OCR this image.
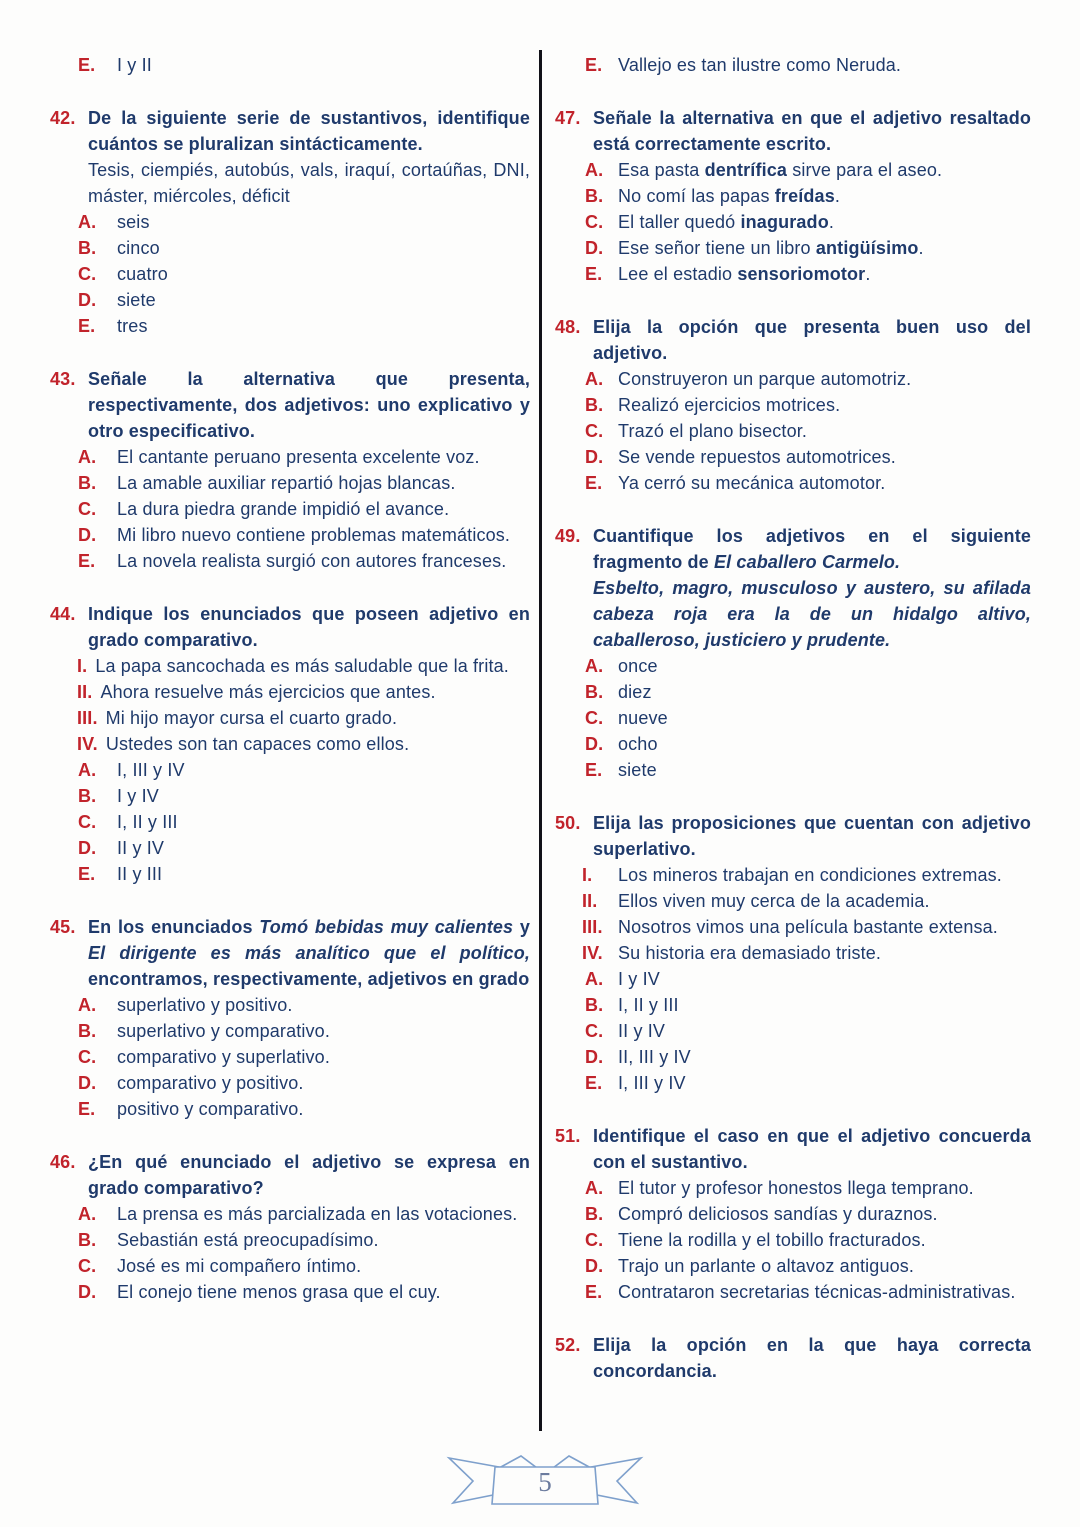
E. I y II
42. De la siguiente serie de sustantivos, identifique cuántos se pluralizan sintácticamente.
Tesis, ciempiés, autobús, vals, iraquí, cortaúñas, DNI, máster, miércoles, déficit
A. seis
B. cinco
C. cuatro
D. siete
E. tres
43. Señale la alternativa que presenta, respectivamente, dos adjetivos: uno explicativo y otro especificativo.
A. El cantante peruano presenta excelente voz.
B. La amable auxiliar repartió hojas blancas.
C. La dura piedra grande impidió el avance.
D. Mi libro nuevo contiene problemas matemáticos.
E. La novela realista surgió con autores franceses.
44. Indique los enunciados que poseen adjetivo en grado comparativo.
I. La papa sancochada es más saludable que la frita.
II. Ahora resuelve más ejercicios que antes.
III. Mi hijo mayor cursa el cuarto grado.
IV. Ustedes son tan capaces como ellos.
A. I, III y IV
B. I y IV
C. I, II y III
D. II y IV
E. II y III
45. En los enunciados Tomó bebidas muy calientes y El dirigente es más analítico que el político, encontramos, respectivamente, adjetivos en grado
A. superlativo y positivo.
B. superlativo y comparativo.
C. comparativo y superlativo.
D. comparativo y positivo.
E. positivo y comparativo.
46. ¿En qué enunciado el adjetivo se expresa en grado comparativo?
A. La prensa es más parcializada en las votaciones.
B. Sebastián está preocupadísimo.
C. José es mi compañero íntimo.
D. El conejo tiene menos grasa que el cuy.
E. Vallejo es tan ilustre como Neruda.
47. Señale la alternativa en que el adjetivo resaltado está correctamente escrito.
A. Esa pasta dentrífica sirve para el aseo.
B. No comí las papas freídas.
C. El taller quedó inagurado.
D. Ese señor tiene un libro antigüísimo.
E. Lee el estadio sensoriomotor.
48. Elija la opción que presenta buen uso del adjetivo.
A. Construyeron un parque automotriz.
B. Realizó ejercicios motrices.
C. Trazó el plano bisector.
D. Se vende repuestos automotrices.
E. Ya cerró su mecánica automotor.
49. Cuantifique los adjetivos en el siguiente fragmento de El caballero Carmelo.
Esbelto, magro, musculoso y austero, su afilada cabeza roja era la de un hidalgo altivo, caballeroso, justiciero y prudente.
A. once
B. diez
C. nueve
D. ocho
E. siete
50. Elija las proposiciones que cuentan con adjetivo superlativo.
I. Los mineros trabajan en condiciones extremas.
II. Ellos viven muy cerca de la academia.
III. Nosotros vimos una película bastante extensa.
IV. Su historia era demasiado triste.
A. I y IV
B. I, II y III
C. II y IV
D. II, III y IV
E. I, III y IV
51. Identifique el caso en que el adjetivo concuerda con el sustantivo.
A. El tutor y profesor honestos llega temprano.
B. Compró deliciosos sandías y duraznos.
C. Tiene la rodilla y el tobillo fracturados.
D. Trajo un parlante o altavoz antiguos.
E. Contrataron secretarias técnicas-administrativas.
52. Elija la opción en la que haya correcta concordancia.
5
